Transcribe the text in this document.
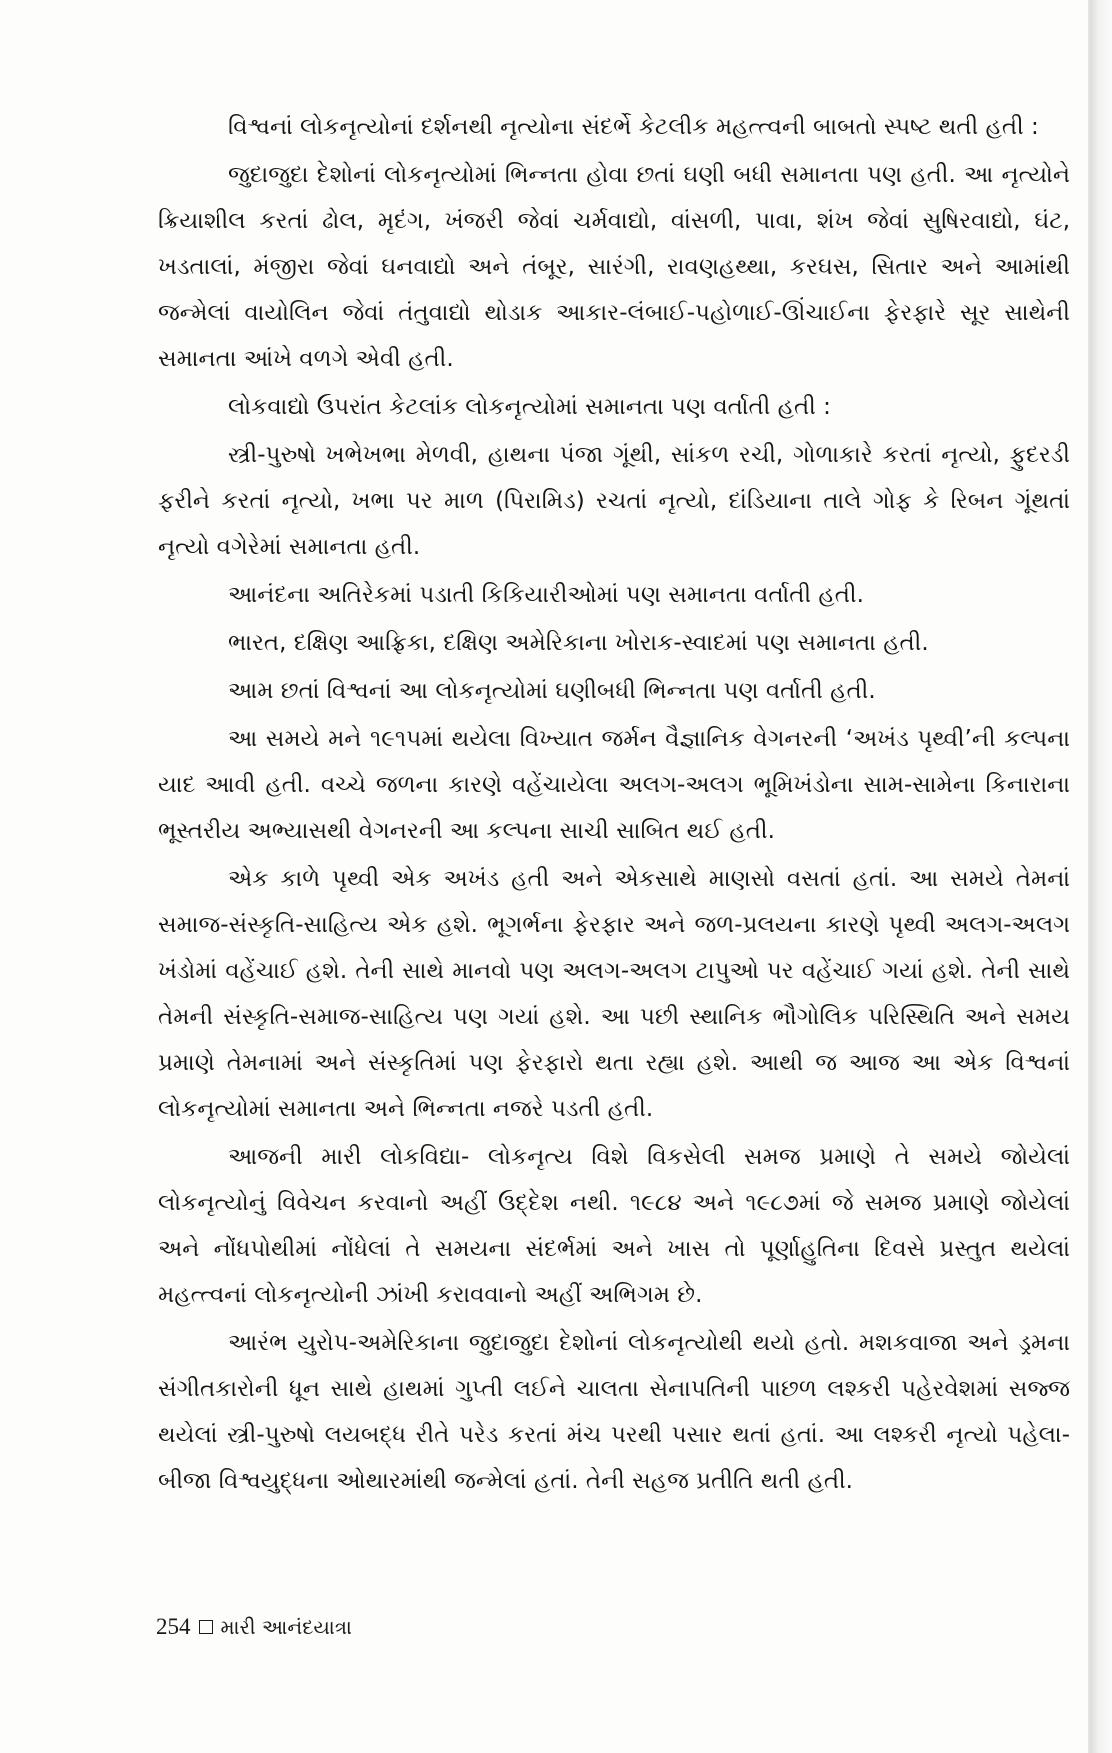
વિશ્વનાં લોકનૃત્યોનાં દર્શનથી નૃત્યોના સંદર્ભે કેટલીક મહત્ત્વની બાબતો સ્પષ્ટ થતી હતી :

જુદાજુદા દેશોનાં લોકનૃત્યોમાં ભિન્નતા હોવા છતાં ઘણી બધી સમાનતા પણ હતી. આ નૃત્યોને ક્રિયાશીલ કરતાં ઢોલ, મૃદંગ, ખંજરી જેવાં ચર્મવાદ્યો, વાંસળી, પાવા, શંખ જેવાં સુષિરવાદ્યો, ઘંટ, ખડતાલાં, મંજીરા જેવાં ઘનવાદ્યો અને તંબૂર, સારંગી, રાવણહથ્થા, કરઘસ, સિતાર અને આમાંથી જન્મેલાં વાયોલિન જેવાં તંતુવાદ્યો થોડાક આકાર-લંબાઈ-પહોળાઈ-ઊંચાઈના ફેરફારે સૂર સાથેની સમાનતા આંખે વળગે એવી હતી.

લોકવાદ્યો ઉપરાંત કેટલાંક લોકનૃત્યોમાં સમાનતા પણ વર્તાતી હતી :

સ્ત્રી-પુરુષો ખભેખભા મેળવી, હાથના પંજા ગૂંથી, સાંકળ રચી, ગોળાકારે કરતાં નૃત્યો, ફુદરડી ફરીને કરતાં નૃત્યો, ખભા પર માળ (પિરામિડ) રચતાં નૃત્યો, દાંડિયાના તાલે ગોફ કે રિબન ગૂંથતાં નૃત્યો વગેરેમાં સમાનતા હતી.

આનંદના અતિરેકમાં પડાતી કિકિયારીઓમાં પણ સમાનતા વર્તાતી હતી.

ભારત, દક્ષિણ આફ્રિકા, દક્ષિણ અમેરિકાના ખોરાક-સ્વાદમાં પણ સમાનતા હતી.

આમ છતાં વિશ્વનાં આ લોકનૃત્યોમાં ઘણીબધી ભિન્નતા પણ વર્તાતી હતી.

આ સમયે મને ૧૯૧૫માં થયેલા વિખ્યાત જર્મન વૈજ્ઞાનિક વેગનરની ‘અખંડ પૃથ્વી’ની કલ્પના યાદ આવી હતી. વચ્ચે જળના કારણે વહેંચાયેલા અલગ-અલગ ભૂમિખંડોના સામ-સામેના કિનારાના ભૂસ્તરીય અભ્યાસથી વેગનરની આ કલ્પના સાચી સાબિત થઈ હતી.

એક કાળે પૃથ્વી એક અખંડ હતી અને એકસાથે માણસો વસતાં હતાં. આ સમયે તેમનાં સમાજ-સંસ્કૃતિ-સાહિત્ય એક હશે. ભૂગર્ભના ફેરફાર અને જળ-પ્રલયના કારણે પૃથ્વી અલગ-અલગ ખંડોમાં વહેંચાઈ હશે. તેની સાથે માનવો પણ અલગ-અલગ ટાપુઓ પર વહેંચાઈ ગયાં હશે. તેની સાથે તેમની સંસ્કૃતિ-સમાજ-સાહિત્ય પણ ગયાં હશે. આ પછી સ્થાનિક ભૌગોલિક પરિસ્થિતિ અને સમય પ્રમાણે તેમનામાં અને સંસ્કૃતિમાં પણ ફેરફારો થતા રહ્યા હશે. આથી જ આજ આ એક વિશ્વનાં લોકનૃત્યોમાં સમાનતા અને ભિન્નતા નજરે પડતી હતી.

આજની મારી લોકવિદ્યા- લોકનૃત્ય વિશે વિકસેલી સમજ પ્રમાણે તે સમયે જોયેલાં લોકનૃત્યોનું વિવેચન કરવાનો અહીં ઉદ્દેશ નથી. ૧૯૮૪ અને ૧૯૮૭માં જે સમજ પ્રમાણે જોયેલાં અને નોંધપોથીમાં નોંધેલાં તે સમયના સંદર્ભમાં અને ખાસ તો પૂર્ણાહુતિના દિવસે પ્રસ્તુત થયેલાં મહત્ત્વનાં લોકનૃત્યોની ઝાંખી કરાવવાનો અહીં અભિગમ છે.

આરંભ યુરોપ-અમેરિકાના જુદાજુદા દેશોનાં લોકનૃત્યોથી થયો હતો. મશકવાજા અને ડ્રમના સંગીતકારોની ધૂન સાથે હાથમાં ગુપ્તી લઈને ચાલતા સેનાપતિની પાછળ લશ્કરી પહેરવેશમાં સજ્જ થયેલાં સ્ત્રી-પુરુષો લયબદ્ધ રીતે પરેડ કરતાં મંચ પરથી પસાર થતાં હતાં. આ લશ્કરી નૃત્યો પહેલા-બીજા વિશ્વયુદ્ધના ઓથારમાંથી જન્મેલાં હતાં. તેની સહજ પ્રતીતિ થતી હતી.

254 મારી આનંદયાત્રા
